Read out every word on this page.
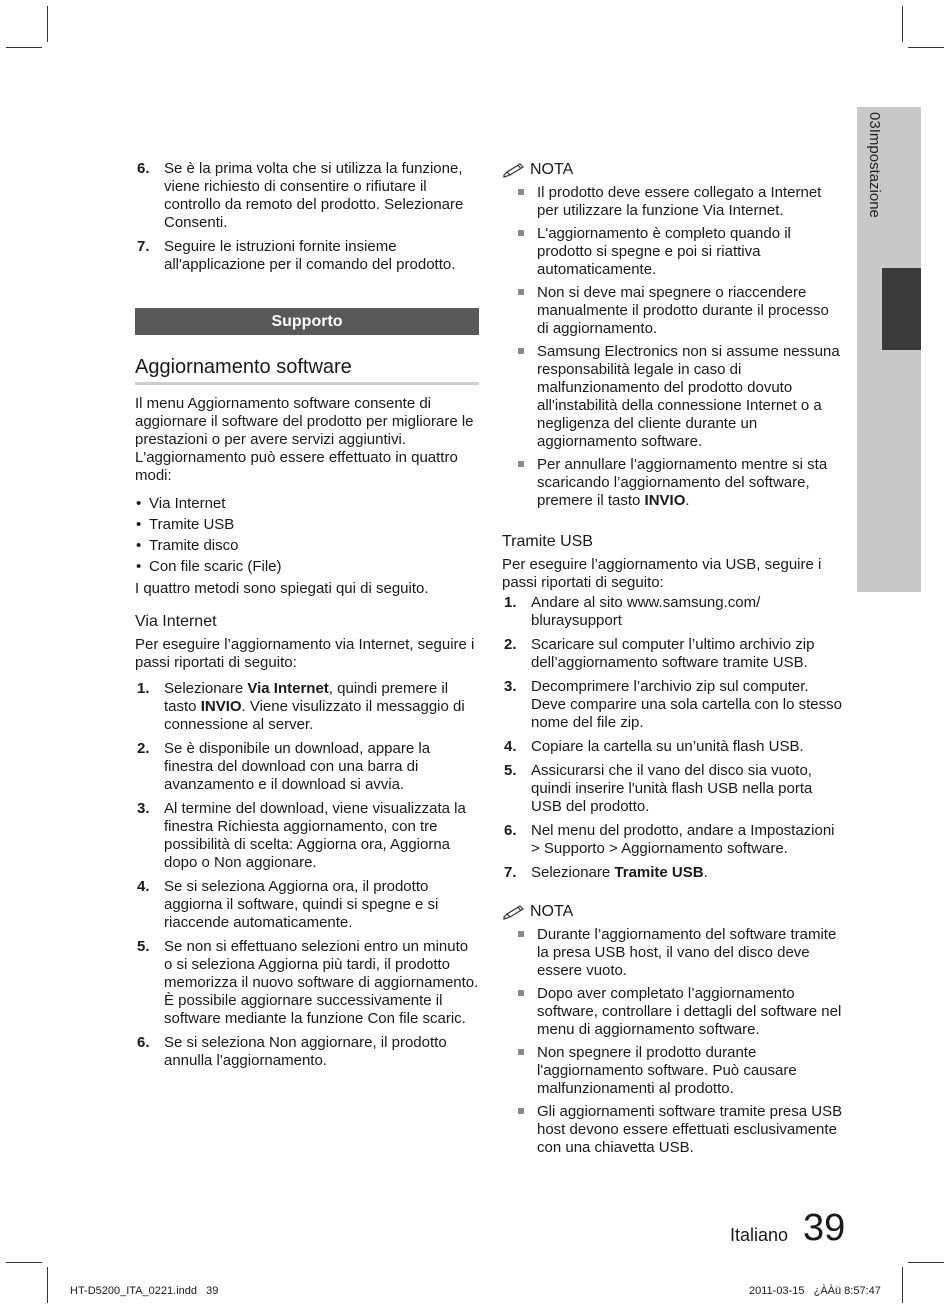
03Impostazione
6. Se è la prima volta che si utilizza la funzione, viene richiesto di consentire o rifiutare il controllo da remoto del prodotto. Selezionare Consenti.
7. Seguire le istruzioni fornite insieme all'applicazione per il comando del prodotto.
Supporto
Aggiornamento software
Il menu Aggiornamento software consente di aggiornare il software del prodotto per migliorare le prestazioni o per avere servizi aggiuntivi. L'aggiornamento può essere effettuato in quattro modi:
• Via Internet
• Tramite USB
• Tramite disco
• Con file scaric (File)
I quattro metodi sono spiegati qui di seguito.
Via Internet
Per eseguire l’aggiornamento via Internet, seguire i passi riportati di seguito:
1. Selezionare Via Internet, quindi premere il tasto INVIO. Viene visulizzato il messaggio di connessione al server.
2. Se è disponibile un download, appare la finestra del download con una barra di avanzamento e il download si avvia.
3. Al termine del download, viene visualizzata la finestra Richiesta aggiornamento, con tre possibilità di scelta: Aggiorna ora, Aggiorna dopo o Non aggionare.
4. Se si seleziona Aggiorna ora, il prodotto aggiorna il software, quindi si spegne e si riaccende automaticamente.
5. Se non si effettuano selezioni entro un minuto o si seleziona Aggiorna più tardi, il prodotto memorizza il nuovo software di aggiornamento. È possibile aggiornare successivamente il software mediante la funzione Con file scaric.
6. Se si seleziona Non aggiornare, il prodotto annulla l'aggiornamento.
NOTA
Il prodotto deve essere collegato a Internet per utilizzare la funzione Via Internet.
L'aggiornamento è completo quando il prodotto si spegne e poi si riattiva automaticamente.
Non si deve mai spegnere o riaccendere manualmente il prodotto durante il processo di aggiornamento.
Samsung Electronics non si assume nessuna responsabilità legale in caso di malfunzionamento del prodotto dovuto all'instabilità della connessione Internet o a negligenza del cliente durante un aggiornamento software.
Per annullare l’aggiornamento mentre si sta scaricando l’aggiornamento del software, premere il tasto INVIO.
Tramite USB
Per eseguire l’aggiornamento via USB, seguire i passi riportati di seguito:
1. Andare al sito www.samsung.com/ bluraysupport
2. Scaricare sul computer l’ultimo archivio zip dell’aggiornamento software tramite USB.
3. Decomprimere l’archivio zip sul computer. Deve comparire una sola cartella con lo stesso nome del file zip.
4. Copiare la cartella su un’unità flash USB.
5. Assicurarsi che il vano del disco sia vuoto, quindi inserire l'unità flash USB nella porta USB del prodotto.
6. Nel menu del prodotto, andare a Impostazioni > Supporto > Aggiornamento software.
7. Selezionare Tramite USB.
NOTA
Durante l’aggiornamento del software tramite la presa USB host, il vano del disco deve essere vuoto.
Dopo aver completato l’aggiornamento software, controllare i dettagli del software nel menu di aggiornamento software.
Non spegnere il prodotto durante l'aggiornamento software. Può causare malfunzionamenti al prodotto.
Gli aggiornamenti software tramite presa USB host devono essere effettuati esclusivamente con una chiavetta USB.
Italiano 39
HT-D5200_ITA_0221.indd   39	2011-03-15   ¿ÀÀü 8:57:47
